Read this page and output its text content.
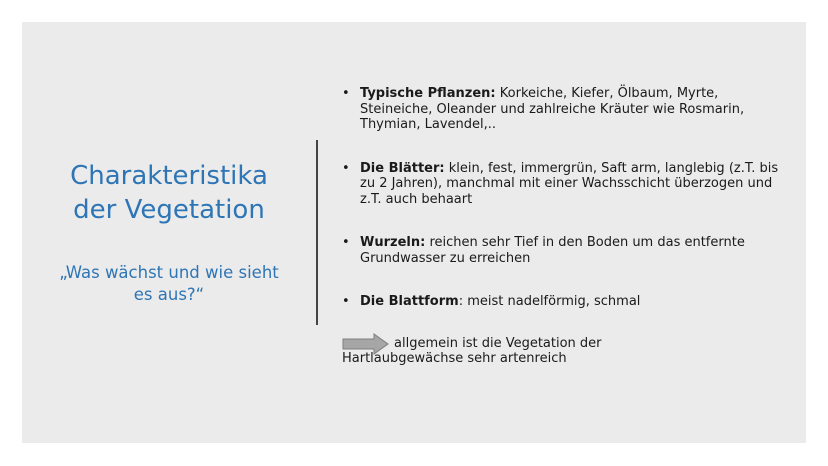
Charakteristika
der Vegetation
„Was wächst und wie sieht
es aus?“

• Typische Pflanzen: Korkeiche, Kiefer, Ölbaum, Myrte, Steineiche, Oleander und zahlreiche Kräuter wie Rosmarin, Thymian, Lavendel,..

• Die Blätter: klein, fest, immergrün, Saft arm, langlebig (z.T. bis zu 2 Jahren), manchmal mit einer Wachsschicht überzogen und z.T. auch behaart

• Wurzeln: reichen sehr Tief in den Boden um das entfernte Grundwasser zu erreichen

• Die Blattform: meist nadelförmig, schmal

allgemein ist die Vegetation der
Hartlaubgewächse sehr artenreich
